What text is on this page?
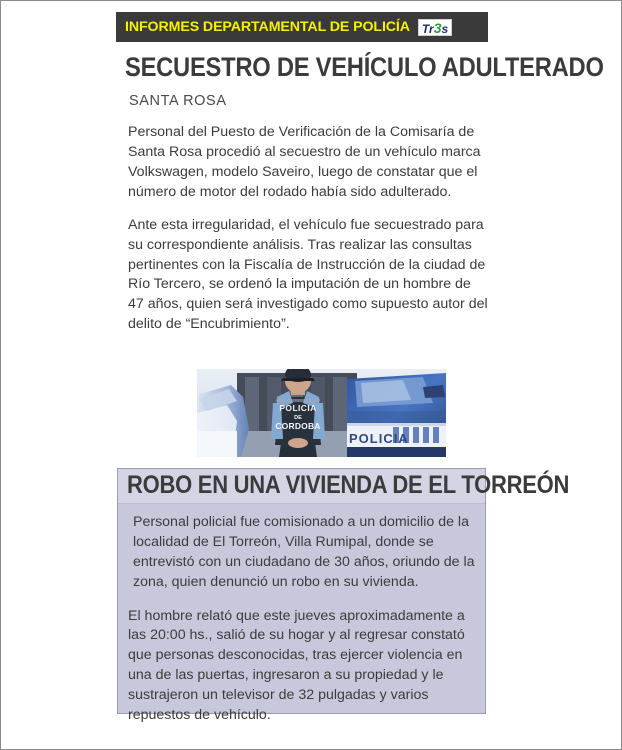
INFORMES DEPARTAMENTAL DE POLICÍA Tr 3 s
SECUESTRO DE VEHÍCULO ADULTERADO
SANTA ROSA

Personal del Puesto de Verificación de la Comisaría de Santa Rosa procedió al secuestro de un vehículo marca Volkswagen, modelo Saveiro, luego de constatar que el número de motor del rodado había sido adulterado.

Ante esta irregularidad, el vehículo fue secuestrado para su correspondiente análisis. Tras realizar las consultas pertinentes con la Fiscalía de Instrucción de la ciudad de Río Tercero, se ordenó la imputación de un hombre de 47 años, quien será investigado como supuesto autor del delito de “Encubrimiento”.

POLICIA
POLICIA
DE
CORDOBA
ROBO EN UNA VIVIENDA DE EL TORREÓN

Personal policial fue comisionado a un domicilio de la localidad de El Torreón, Villa Rumipal, donde se entrevistó con un ciudadano de 30 años, oriundo de la zona, quien denunció un robo en su vivienda.

El hombre relató que este jueves aproximadamente a las 20:00 hs., salió de su hogar y al regresar constató que personas desconocidas, tras ejercer violencia en una de las puertas, ingresaron a su propiedad y le sustrajeron un televisor de 32 pulgadas y varios repuestos de vehículo.
